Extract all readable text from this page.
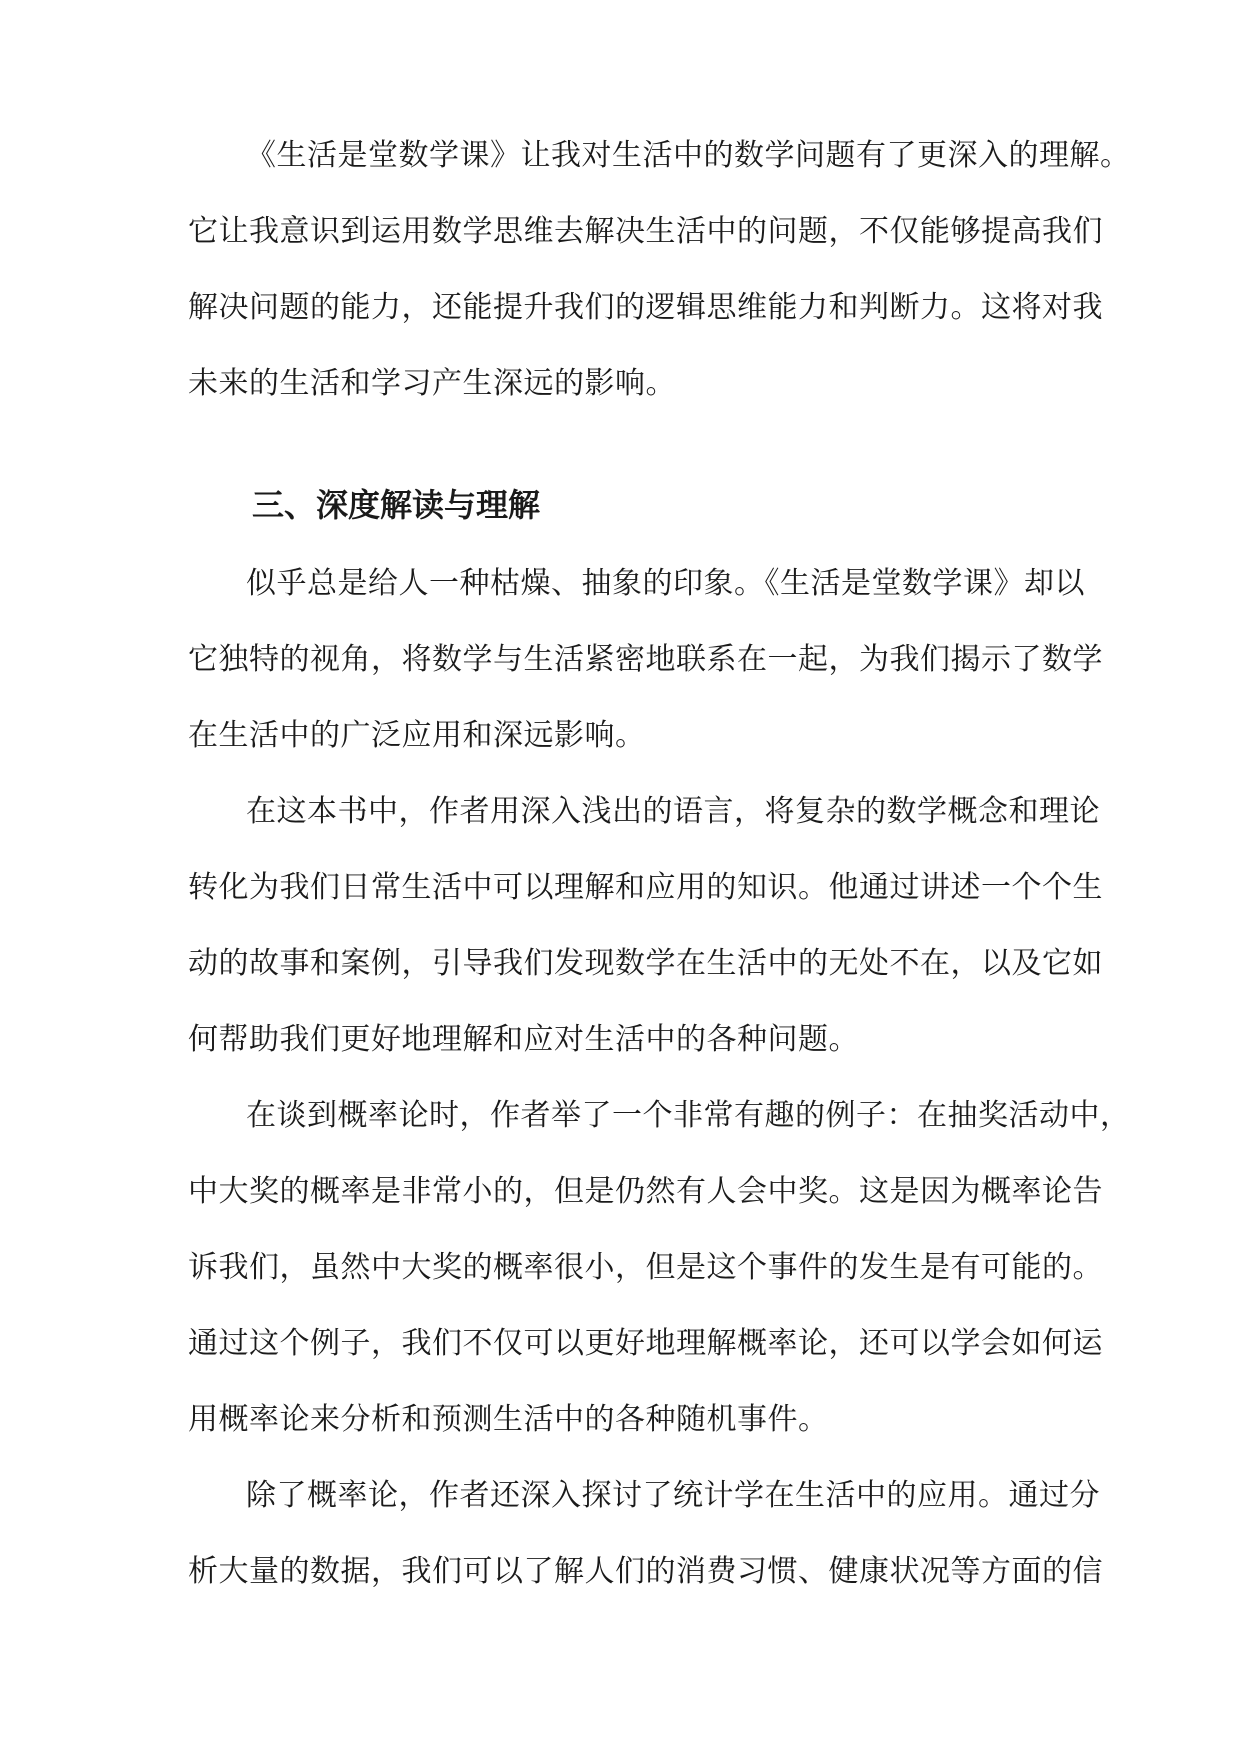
《生活是堂数学课》让我对生活中的数学问题有了更深入的理解。
它让我意识到运用数学思维去解决生活中的问题，不仅能够提高我们
解决问题的能力，还能提升我们的逻辑思维能力和判断力。这将对我
未来的生活和学习产生深远的影响。
三、深度解读与理解
似乎总是给人一种枯燥、抽象的印象。《生活是堂数学课》却以
它独特的视角，将数学与生活紧密地联系在一起，为我们揭示了数学
在生活中的广泛应用和深远影响。
在这本书中，作者用深入浅出的语言，将复杂的数学概念和理论
转化为我们日常生活中可以理解和应用的知识。他通过讲述一个个生
动的故事和案例，引导我们发现数学在生活中的无处不在，以及它如
何帮助我们更好地理解和应对生活中的各种问题。
在谈到概率论时，作者举了一个非常有趣的例子：在抽奖活动中，
中大奖的概率是非常小的，但是仍然有人会中奖。这是因为概率论告
诉我们，虽然中大奖的概率很小，但是这个事件的发生是有可能的。
通过这个例子，我们不仅可以更好地理解概率论，还可以学会如何运
用概率论来分析和预测生活中的各种随机事件。
除了概率论，作者还深入探讨了统计学在生活中的应用。通过分
析大量的数据，我们可以了解人们的消费习惯、健康状况等方面的信
